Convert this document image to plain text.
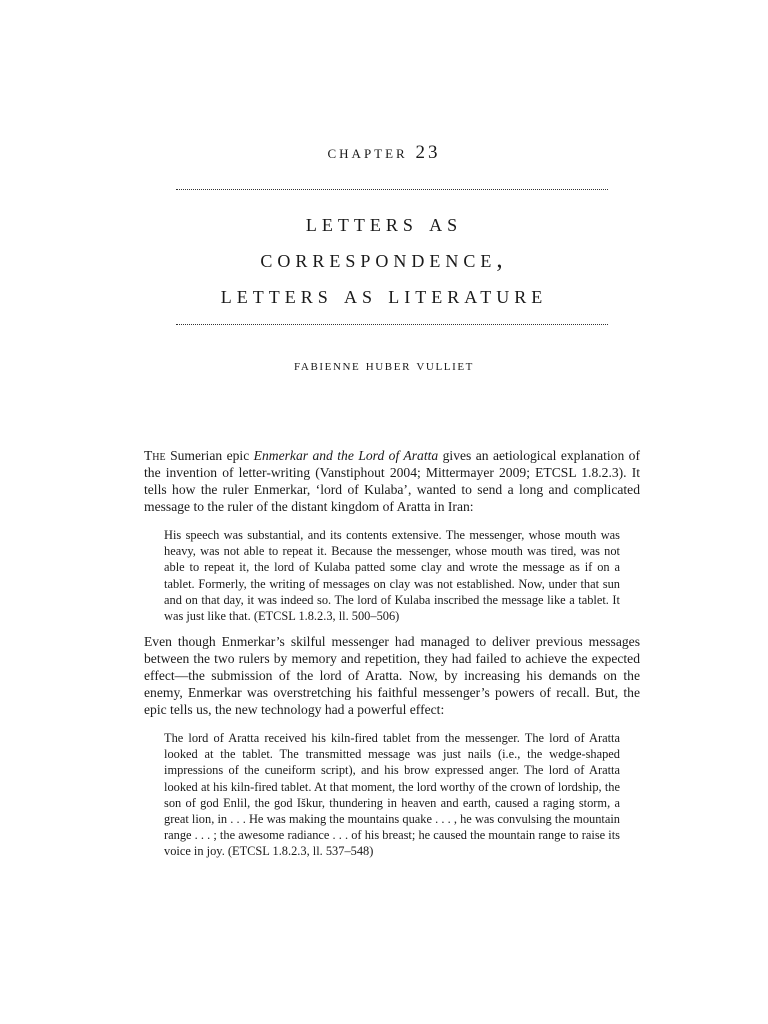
chapter 23
letters as
correspondence,
letters as literature
fabienne huber vulliet

The Sumerian epic Enmerkar and the Lord of Aratta gives an aetiological explanation of the invention of letter-writing (Vanstiphout 2004; Mittermayer 2009; ETCSL 1.8.2.3). It tells how the ruler Enmerkar, ‘lord of Kulaba’, wanted to send a long and complicated message to the ruler of the distant kingdom of Aratta in Iran:

His speech was substantial, and its contents extensive. The messenger, whose mouth was heavy, was not able to repeat it. Because the messenger, whose mouth was tired, was not able to repeat it, the lord of Kulaba patted some clay and wrote the message as if on a tablet. Formerly, the writing of messages on clay was not established. Now, under that sun and on that day, it was indeed so. The lord of Kulaba inscribed the message like a tablet. It was just like that. (ETCSL 1.8.2.3, ll. 500–506)

Even though Enmerkar’s skilful messenger had managed to deliver previous messages between the two rulers by memory and repetition, they had failed to achieve the expected effect—the submission of the lord of Aratta. Now, by increasing his demands on the enemy, Enmerkar was overstretching his faithful messenger’s powers of recall. But, the epic tells us, the new technology had a powerful effect:

The lord of Aratta received his kiln-fired tablet from the messenger. The lord of Aratta looked at the tablet. The transmitted message was just nails (i.e., the wedge-shaped impressions of the cuneiform script), and his brow expressed anger. The lord of Aratta looked at his kiln-fired tablet. At that moment, the lord worthy of the crown of lordship, the son of god Enlil, the god Iškur, thundering in heaven and earth, caused a raging storm, a great lion, in . . . He was making the mountains quake . . . , he was convulsing the mountain range . . . ; the awesome radiance . . . of his breast; he caused the mountain range to raise its voice in joy. (ETCSL 1.8.2.3, ll. 537–548)
